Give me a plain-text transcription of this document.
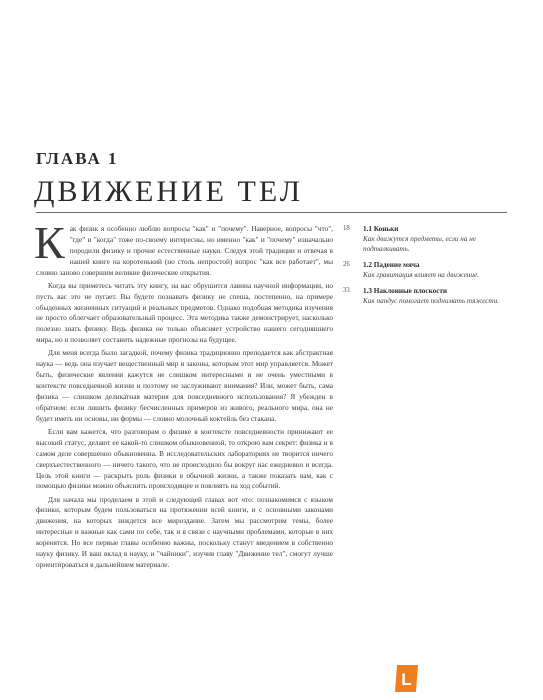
ГЛАВА 1
ДВИЖЕНИЕ ТЕЛ

Как физик я особенно люблю вопросы "как" и "почему". Наверное, вопросы "что", "где" и "когда" тоже по-своему интересны, но именно "как" и "почему" изначально породили физику и прочие естественные науки. Следуя этой традиции и отвечая в нашей книге на коротенький (но столь непростой) вопрос "как все работает", мы словно заново совершим великие физические открытия.

Когда вы приметесь читать эту книгу, на вас обрушится лавина научной информации, но пусть вас это не пугает. Вы будете познавать физику не спеша, постепенно, на примере обыденных жизненных ситуаций и реальных предметов. Однако подобная методика изучения не просто облегчает образовательный процесс. Эта методика также демонстрирует, насколько полезно знать физику. Ведь физика не только объясняет устройство нашего сегодняшнего мира, но и позволяет составить надежные прогнозы на будущее.

Для меня всегда было загадкой, почему физика традиционно преподается как абстрактная наука — ведь она изучает вещественный мир и законы, которым этот мир управляется. Может быть, физические явления кажутся не слишком интересными и не очень уместными в контексте повседневной жизни и поэтому не заслуживают внимания? Или, может быть, сама физика — слишком деликатная материя для повседневного использования? Я убежден в обратном: если лишить физику бесчисленных примеров из живого, реального мира, она не будет иметь ни основы, ни формы — словно молочный коктейль без стакана.

Если вам кажется, что разговорам о физике в контексте повседневности принижают ее высокий статус, делают ее какой-то слишком обыкновенной, то открою вам секрет: физика и в самом деле совершенно обыкновенна. В исследовательских лабораториях не творится ничего сверхъестественного — ничего такого, что не происходило бы вокруг нас ежедневно и всегда. Цель этой книги — раскрыть роль физики в обычной жизни, а также показать вам, как с помощью физики можно объяснить происходящее и повлиять на ход событий.

Для начала мы проделаем в этой и следующей главах вот что: познакомимся с языком физики, которым будем пользоваться на протяжении всей книги, и с основными законами движения, на которых зиждется все мироздание. Затем мы рассмотрим темы, более интересные и важные как сами по себе, так и в связи с научными проблемами, которые в них коренятся. Но все первые главы особенно важны, поскольку станут введением в собственно науку физику. И ваш вклад в науку, и "чайники", изучив главу "Движение тел", смогут лучше ориентироваться в дальнейшем материале.

18 1.1 Коньки
Как движутся предметы, если на не подталкивать.
26 1.2 Падение мяча
Как гравитация влияет на движение.
33 1.3 Наклонные плоскости
Как пандус помогает поднимать тяжести.
L
